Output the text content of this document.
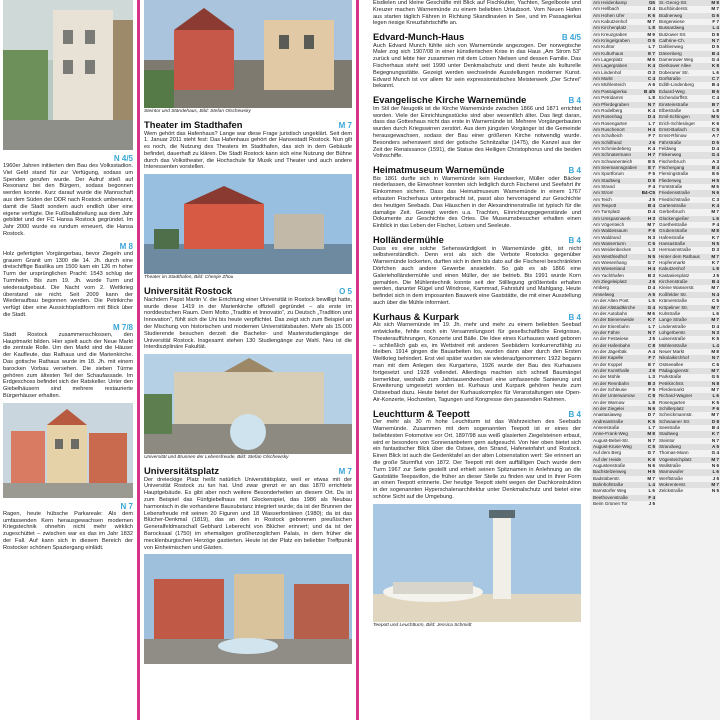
N 4/5

1960er Jahren initiierten den Bau des Volksstadion. Viel Geld stand für zur Verfügung, sodass um Spenden gerufen wurde. Der Aufruf stieß auf Resonanz bei den Bürgern, sodass begonnen werden konnte. Kurz darauf wurde die Mannschaft aus dem Süden der DDR nach Rostock umbenannt, damit die Stadt sondern auch endlich über eine eigene verfügte. Die Fußballabteilung aus dem Jahr gebildet und der FC Hansa Rostock gegründet. Im Jahr 2000 wurde es rundum erneuert, die Hansa Rostock.

M 8

Holz gefertigten Vorgängerbau, bevor Ziegeln und grauem Granit um 1300 die 14. Jh. durch eine dreischiffige Basilika um 1500 kam ein 126 m hoher Turm der ursprünglichen Pracht: 1543 schlug der Turmhelm. Bis zum 19. Jh. wurde Turm und wiederaufgebaut. Die Nacht vom 2. Weltkrieg überstand sie nicht. Seit 2009 kann der Wiederaufbau begonnen werden. Die Petrikirche verfügt über eine Aussichtsplattform mit Blick über die Stadt.

M 7/8

Stadt Rostock zusammenschlossen, den Hauptmarkt bilden. Hier spielt auch der Neue Markt die zentrale Rolle. Um den Markt sind die Häuser der Kaufleute, das Rathaus und die Marienkirche. Das gotische Rathaus wurde im 18. Jh. mit einem barocken Vorbau versehen. Die sieben Türme gehören zum ältesten Teil der Schaufassade. Im Erdgeschoss befindet sich der Ratskeller. Unter den Giebelhäusern sind mehrere restaurierte Bürgerhäuser erhalten.

N 7

Ragen, heute hübsche Parkareale: Als dem umfassenden Kern herausgewachsen modernen Kriegstechnik ohnehin nicht mehr wirklich zugeschüttet – zwischen war es das im Jahr 1832 der Fall. Auf kann sich in diesem Bereich der Rostocker schönen Spaziergang einlädt.

Steintor und Ständehaus, Bild: Stefan Olschewsky
Theater im Stadthafen	M 7

Wem gehört das Hafenhaus? Lange war diese Frage juristisch ungeklärt. Seit dem 1. Januar 2011 steht fest: Das Hafenhaus gehört der Hansestadt Rostock. Nun gilt es noch, die Nutzung des Theaters im Stadthafen, das sich in dem Gebäude befindet, dauerhaft zu klären. Die Stadt Rostock kann sich eine Nutzung der Bühne durch das Volkstheater, die Hochschule für Musik und Theater und auch andere Interessenten vorstellen.

Theater im Stadthafen, Bild: Chenjie Zhou
Universität Rostock	O 5

Nachdem Papst Martin V. die Errichtung einer Universität in Rostock bewilligt hatte, wurde diese 1419 in der Marienkirche offiziell gegründet – als erste im norddeutschen Raum. Dem Motto „Traditio et Innovatio“, zu Deutsch „Tradition und Innovation“, fühlt sich die Uni bis heute verpflichtet. Das zeigt sich zum Beispiel an der Mischung von historischen und modernen Universitätsbauten. Mehr als 15.000 Studierende besuchen derzeit die Bachelor- und Masterstudiengänge der Universität Rostock. Insgesamt stehen 130 Studiengänge zur Wahl. Neu ist die Interdisziplinäre Fakultät.

Universität und Brunnen der Lebensfreude, Bild: Stefan Olschewsky
Universitätsplatz	M 7

Der dreieckige Platz heißt natürlich Universitätsplatz, weil er etwas mit der Universität Rostock zu tun hat. Und zwar grenzt er an das 1870 errichtete Hauptgebäude. Es gibt aber noch weitere Besonderheiten an diesem Ort. Da ist zum Beispiel das Fünfgiebelhaus mit Glockenspiel, das 1986 als Neubau harmonisch in die vorhandene Bausubstanz integriert wurde; da ist der Brunnen der Lebensfreude mit seinen 20 Figuren und 18 Wasserfontänen (1980); da ist das Blücher-Denkmal (1819), das an den in Rostock geborenen preußischen Generalfeldmarschall Gebhard Leberecht von Blücher erinnert; und da ist der Barocksaal (1750) im ehemaligen großherzoglichen Palais, in dem früher die mecklenburgischen Herzöge gastierten. Heute ist der Platz ein beliebter Treffpunkt von Einheimischen und Gästen.

Eisdielen und kleine Geschäfte mit Blick auf Fischkutter, Yachten, Segelboote und Kreuzer machen Warnemünde zu einem beliebten Urlaubsort. Vom Neuen Hafen aus starten täglich Fähren in Richtung Skandinavien in See, und im Passagierkai legen riesige Kreuzfahrtschiffe an.

Edvard-Munch-Haus	B 4/5

Auch Edvard Munch fühlte sich von Warnemünde angezogen. Der norwegische Maler zog sich 1907/08 in einer künstlerischen Krise in das Haus „Am Strom 53“ zurück und lebte hier zusammen mit dem Lotsen Nielsen und dessen Familie. Das Fischerhaus steht seit 1990 unter Denkmalschutz und dient heute als kulturelle Begegnungsstätte. Gezeigt werden wechselnde Ausstellungen moderner Kunst. Edvard Munch ist vor allem für sein expressionistisches Meisterwerk „Der Schrei“ bekannt.

Evangelische Kirche Warnemünde	B 4

Im Stil der Neugotik ist die Kirche Warnemünde zwischen 1866 und 1871 errichtet worden. Viele der Einrichtungsstücke sind aber wesentlich älter. Das liegt daran, dass das Gotteshaus nicht das erste in Warnemünde ist. Mehrere Vorgängerbauten wurden durch Kriegswirren zerstört. Aus dem jüngsten Vorgänger ist die Gemeinde herausgewachsen, sodass der Bau einer größeren Kirche notwendig wurde. Besonders sehenswert sind der gotische Schnitzaltar (1475), die Kanzel aus der Zeit der Renaissance (1591), die Statue des Heiligen Christophorus und die beiden Votivschiffe.

Heimatmuseum Warnemünde	B 4

Bis 1861 durfte sich in Warnemünde kein Handwerker, Müller oder Bäcker niederlassen, die Einwohner konnten sich lediglich durch Fischerei und Seefahrt ihr Einkommen sichern. Dass das Heimatmuseum Warnemünde in einem 1767 erbauten Fischerhaus untergebracht ist, passt also hervorragend zur Geschichte des heutigen Seebads. Das Häuschen in der Alexandrinenstraße ist typisch für die damalige Zeit. Gezeigt werden u.a. Trachten, Einrichtungsgegenstände und Dokumente zur Geschichte des Ortes. Die Museumsbesucher erhalten einen Einblick in das Leben der Fischer, Lotsen und Seeleute.

Holländermühle	B 4

Dass es eine solche Sehenswürdigkeit in Warnemünde gibt, ist nicht selbstverständlich. Denn erst als sich die Verbote Rostocks gegenüber Warnemünde lockerten, durften sich in dem bis dato auf die Fischerei beschränkten Dörfchen auch andere Gewerbe ansiedeln. So gab es ab 1866 eine Galerieholländermühle und einen Müller, der sie betrieb. Bis 1991 wurde Korn gemahlen. Die Mühlentechnik konnte seit der Stilllegung größtenteils erhalten werden, darunter Rügel und Windrose, Kammrad, Fahrstuhl und Mahlgang. Heute befindet sich in dem imposanten Bauwerk eine Gaststätte, die mit einer Ausstellung auch über die Mühle informiert.

Kurhaus & Kurpark	B 4

Als sich Warnemünde im 19. Jh. mehr und mehr zu einem beliebten Seebad entwickelte, fehlte noch ein Versammlungsort für gesellschaftliche Ereignisse, Theateraufführungen, Konzerte und Bälle. Die Idee eines Kurhauses ward geboren – schließlich gab es, im Wettstreit mit anderen Seebädern konkurrenzfähig zu bleiben. 1914 gingen die Bauarbeiten los, wurden dann aber durch den Ersten Weltkrieg behindert. Erst viel später wurden sie wiederaufgenommen: 1922 begann man mit dem Anlegen des Kurgartens, 1926 wurde der Bau des Kurhauses fortgesetzt und 1928 vollendet. Allerdings machten sich schnell Baumängel bemerkbar, weshalb zum Jahrtausendwechsel eine umfassende Sanierung und Erweiterung umgesetzt worden ist. Kurhaus und Kurpark gehören heute zum Ostseebad dazu. Heute bietet der Kurhauskomplex für Veranstaltungen wie Open-Air-Konzerte, Hochzeiten, Tagungen und Kongresse den passenden Rahmen.

Leuchtturm & Teepott	B 4

Der mehr als 30 m hohe Leuchtturm ist das Wahrzeichen des Seebads Warnemünde. Zusammen mit dem sogenannten Teepott ist er eines der beliebtesten Fotomotive vor Ort. 1897/98 aus weiß glasierten Ziegelsteinen erbaut, wird er besonders von Sonnenanbetern gern aufgesucht. Von hier oben bietet sich ein fantastischer Blick über die Ostsee, den Strand, Hafeneinfahrt und Rostock. Einen Blick ist auch die Gedenktafel an der alten Lotsenstation wert: Sie erinnert an die große Sturmflut von 1872. Der Teepott mit dem auffälligen Dach wurde dem Turm 1967 zur Seite gestellt und erhielt seinen Spitznamen in Anlehnung an die Gaststätte Teepavillon, die früher an dieser Stelle zu finden war und in ihrer Form an einen Teepott erinnerte. Der heutige Teepott steht wegen der Dachkonstruktion in der sogenannten Hyperschalenarchitektur unter Denkmalschutz und bietet eine schöne Sicht auf die Umgebung.

Teepott und Leuchtturm, Bild: Jessica Schmidt
Am Heidenkamp	G5
Am Hellbach	D 4
Am Hohen Ufer	K 6
Am Kabutzenhof	M 7
Am Kirchenplatz	L 8
Am Kreuzgraben	M 9
Am Kringelgraben	O 5
Am Kuhtor	L 7
Am Kulturhaus	E 7
Am Lagerplatz	M 6
Am Lagergraben	K 4
Am Lindenhof	O 3
Am Markt	C 4
Am Mühlenteich	A 6
Am Passagierkai	B 4/5
Am Petridamm	L 8
Am Pferdegraben	N 7
Am Rodelberg	K 4
Am Rosenhag	D 4
Am Rosengarten	L 7
Am Ruschenort	H 4
Am Schafteich	F 7
Am Schilfrand	J 6
Am Schmiedeberg	K 4
Am Schnatermann	H 7
Am Schwanenteich	E 5
Am Seemannsgraben	E 7
Am Sportforum	F 5
Am Stadtweg	D 8
Am Strand	F 4
Am Strom	B4-C5
Am Teich	J 5
Am Teepott	B 4
Am Turnplatz	D 4
Am Umspannwerk	H 3
Am Vögenteich	M 7
Am Waldessaum	F 6
Am Waldrand	N 3
Am Wasserturm	C 6
Am Weidenbecken	L 3
Am Westfriedhof	N 5
Am Wiesenhang	G 7
Am Wiesenland	H 4
Am Yachthafen	B 3
Am Ziegeleiplatz	J 6
Amberg	D 4
Amselweg	A 5
An der Alten Post	L 5
An der Altstadtkirche	G 4
An der Autobahn	M 6
An der Bienenweide	K 7
An der Eisenbahn	L 7
An der Fähre	N 7
An der Festwiese	J 5
An der Hafenbahn	C 8
An der Jägerbäk	A 4
An der Kapelle	F 7
An der Koppel	E 7
An der Kunsthalle	J 6
An der Mühle	L 3
An der Rennbahn	B 3
An der Schleuse	F 5
An der Unterwarnow	C 8
An der Warnow	L 8
An der Ziegelei	N 6
Anastasiaweg	D 7
Andreasstraße	K 5
Annenstraße	L 7
Anne-Frank-Weg	M 8
August-Bebel-Str.	N 7
August-Kruse-Weg	C 5
Auf dem Berg	G 7
Auf der Heide	K 6
Augustenstraße	N 6
Bachstelzenweg	H 5
Badstüberstr.	M 7
Bahnhofstraße	L 4
Barnstorfer Weg	L 6
Beethovenstraße	F 4
Beim Grünen Tor	J 5
St.-Georg-Str.	M 8
Buchbinderstr.	M 7
Büdnerweg	G 6
Bürgerwiese	F 7
Bussardweg	L 4
Butzower Str.	D 8
Cathrine-Ch.	N 7
Dahlienweg	D 5
Dänenberg	B 4
Damerower Weg	G 4
Dierkower Allee	K 8
Doberaner Str.	L 6
Dorfstraße	C 7
Edith-Lindenberg	B 4
Eduard-Weg	B 6
Eichendorffstr.	C 4
Einsteinstraße	B 7
Elbestraße	L 8
Emil-Schlingen	M 5
Erich-Schlesinger	K 6
Ernst-Barlach	C 5
Ernst-Rhinow	A 7
Fährstraße	D 5
Feldweg	D 4
Finkenweg	G 4
Fischerbruch	A 3
Fischergang	B 4
Flemingstraße	E 6
Fliederweg	H 5
Forststraße	M 5
Friedensstraße	N 6
Friedrichstraße	C 3
Gartenstraße	K 4
Gerberbruch	M 7
Glockengießer	L 6
Goethestraße	F 4
Grubenstraße	M 8
Hafenstraße	K 7
Hansastraße	N 5
Hermannstraße	D 3
Hinter dem Rathaus	M 7
Hopfenmarkt	K 7
Kabutzenhof	L 8
Kastanienplatz	J 5
Kirchenstraße	B 4
Kleine Wasserstr.	M 7
Koßfelder Str.	N 4
Krämerstraße	C 5
Kröpeliner Str.	M 7
Kuhstraße	L 6
Lange Straße	M 7
Lindenstraße	D 4
Lohgerberstr.	N 3
Luisenstraße	K 5
Mühlenstraße	L 4
Neuer Markt	M 8
Nikolaikirchhof	N 7
Ostseeallee	C 6
Pädagogienstr.	M 7
Parkstraße	G 5
Petrikirchstr.	N 8
Pferdemarkt	M 7
Richard-Wagner	L 6
Rosengarten	K 5
Schillerplatz	F 6
Schnickmannstr.	M 7
Schwaaner Str.	D 8
Seestraße	B 4
Stadtweg	K 7
Steintor	N 7
Strandweg	A 5
Thomas-Mann	G 4
Vögenteichplatz	M 7
Wallstraße	N 6
Warnowufer	L 6
Werftstraße	J 5
Wokrenterstr.	M 7
Zelckstraße	N 5
